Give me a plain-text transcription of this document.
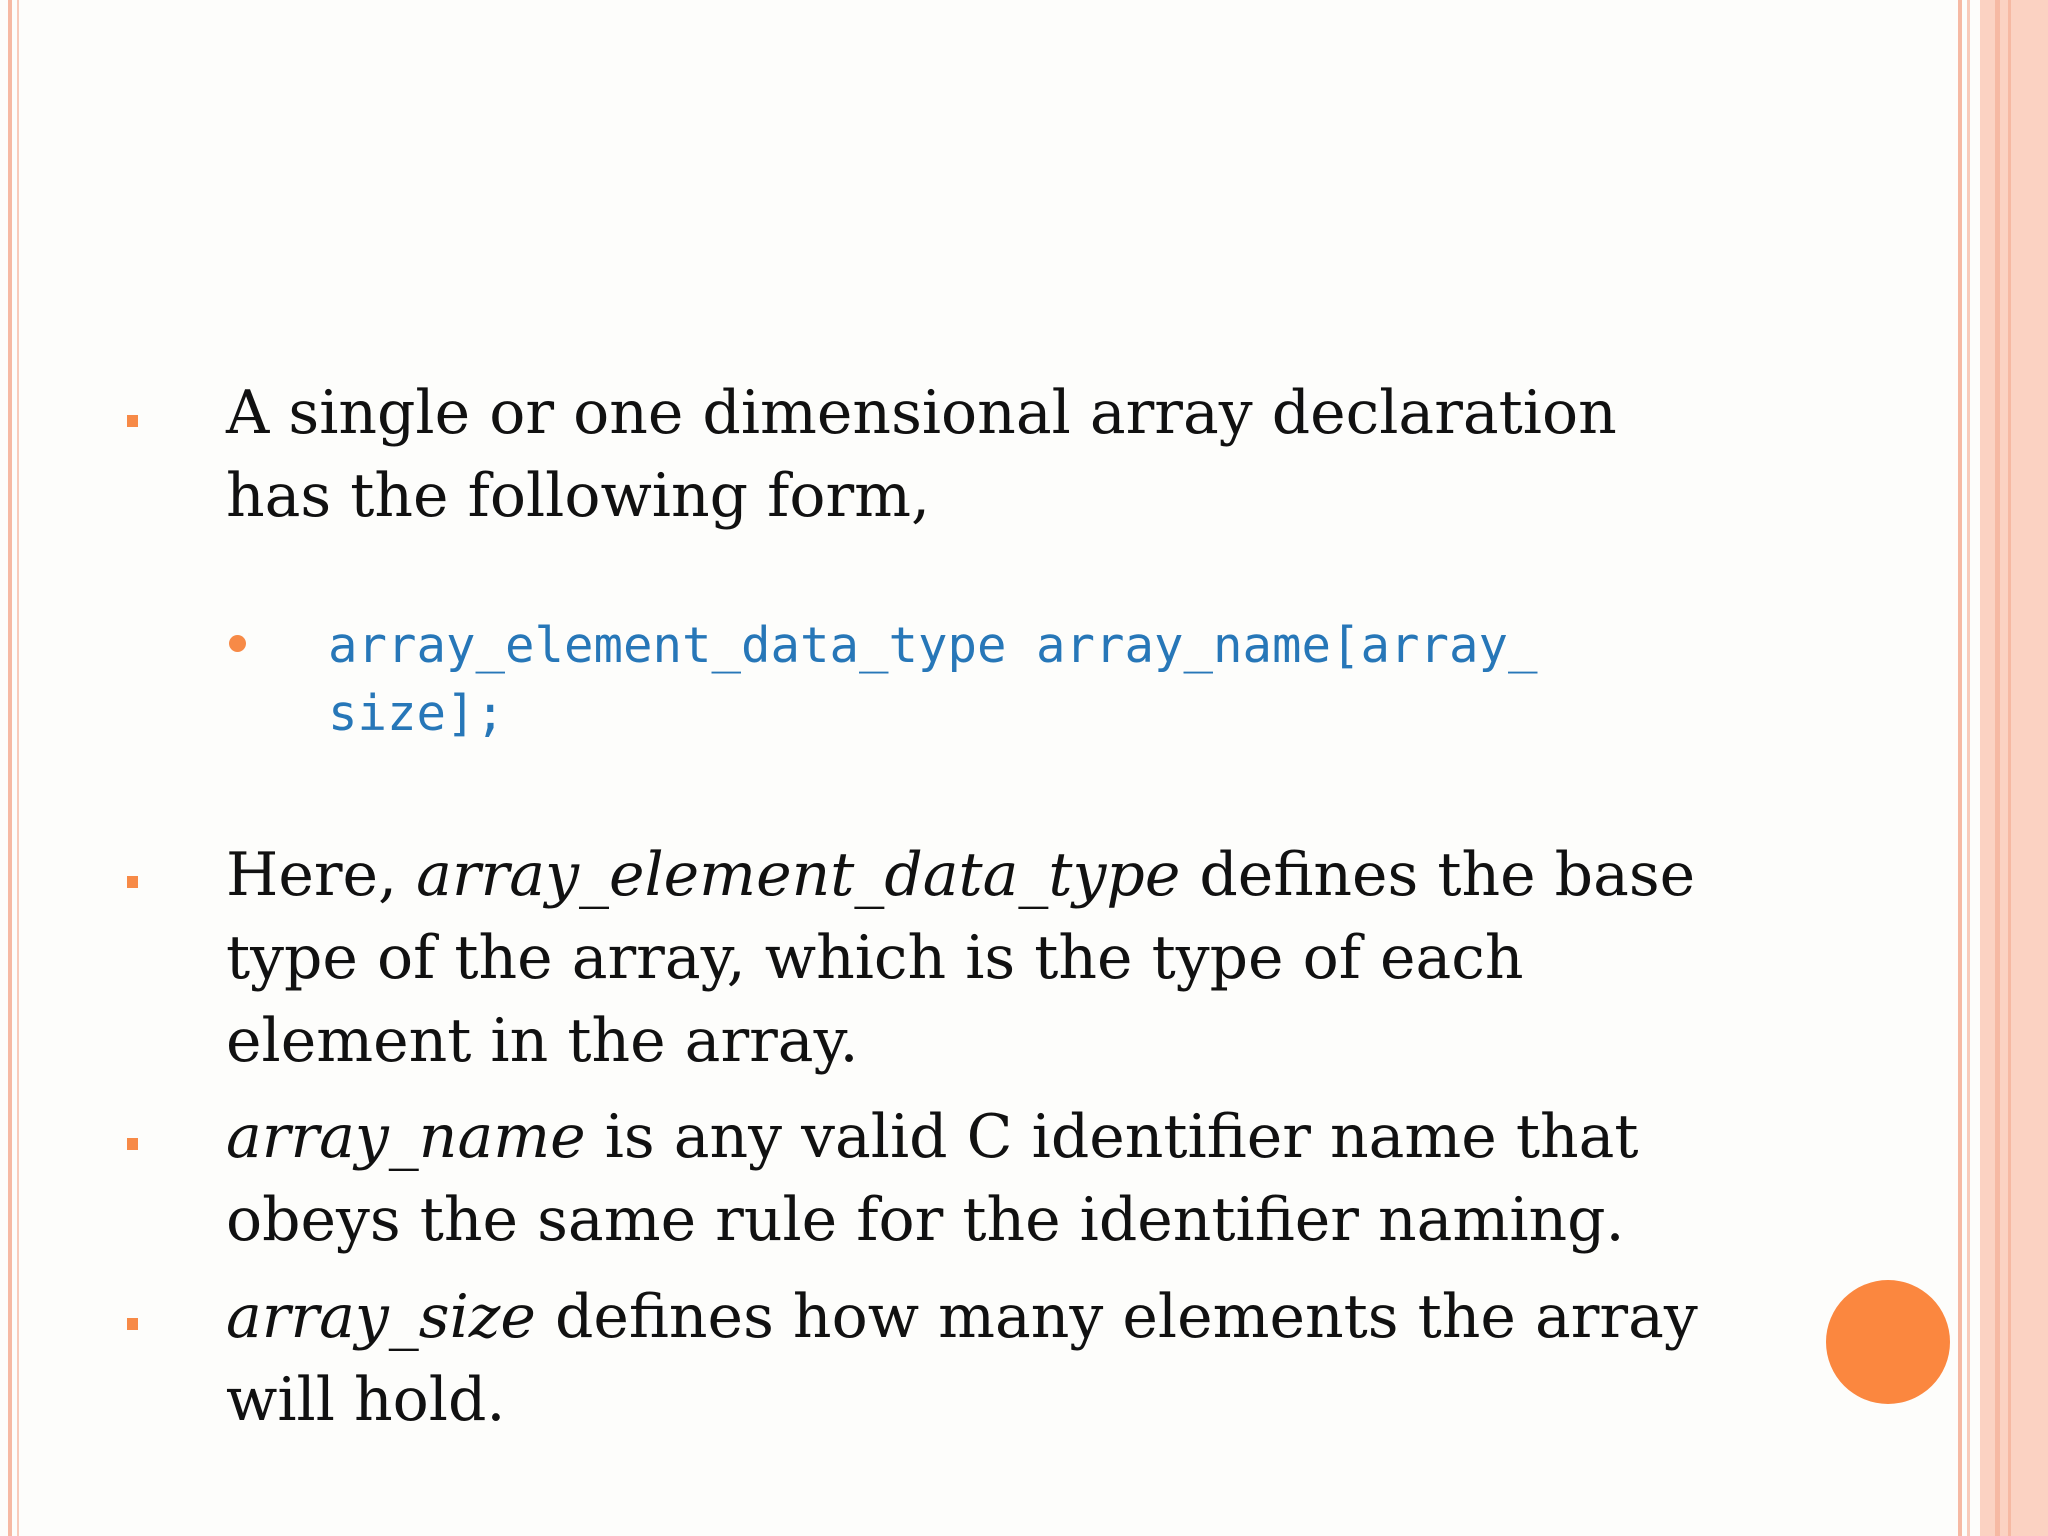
A single or one dimensional array declaration
has the following form,
array_element_data_type array_name[array_
size];
Here, array_element_data_type defines the base
type of the array, which is the type of each
element in the array.
array_name is any valid C identifier name that
obeys the same rule for the identifier naming.
array_size defines how many elements the array
will hold.
